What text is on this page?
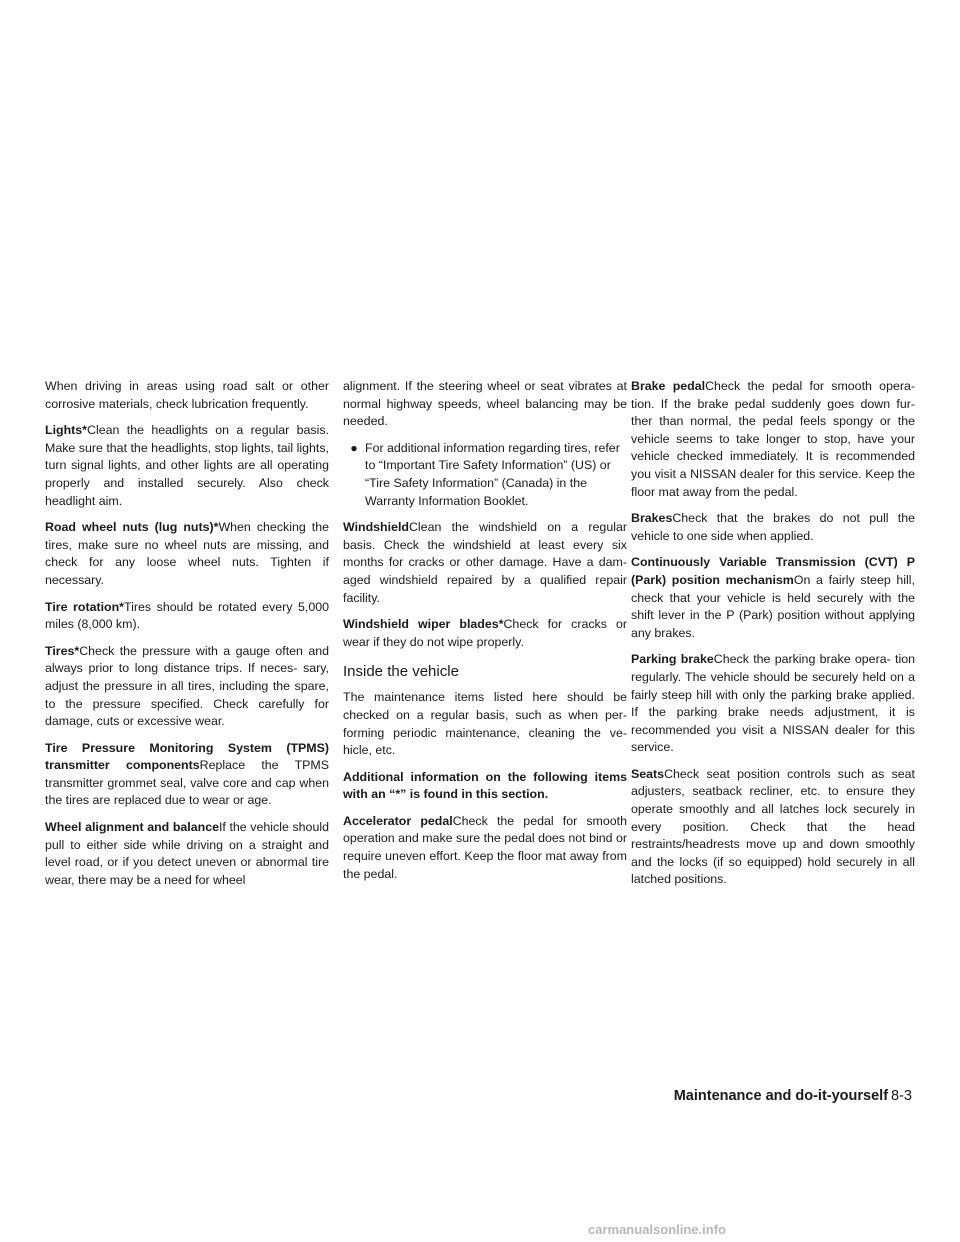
When driving in areas using road salt or other corrosive materials, check lubrication frequently.

Lights*Clean the headlights on a regular basis. Make sure that the headlights, stop lights, tail lights, turn signal lights, and other lights are all operating properly and installed securely. Also check headlight aim.

Road wheel nuts (lug nuts)*When checking the tires, make sure no wheel nuts are missing, and check for any loose wheel nuts. Tighten if necessary.

Tire rotation*Tires should be rotated every 5,000 miles (8,000 km).

Tires*Check the pressure with a gauge often and always prior to long distance trips. If neces- sary, adjust the pressure in all tires, including the spare, to the pressure specified. Check carefully for damage, cuts or excessive wear.

Tire Pressure Monitoring System (TPMS) transmitter componentsReplace the TPMS transmitter grommet seal, valve core and cap when the tires are replaced due to wear or age.

Wheel alignment and balanceIf the vehicle should pull to either side while driving on a straight and level road, or if you detect uneven or abnormal tire wear, there may be a need for wheel

alignment. If the steering wheel or seat vibrates at normal highway speeds, wheel balancing may be needed.

● For additional information regarding tires, refer to “Important Tire Safety Information” (US) or “Tire Safety Information” (Canada) in the Warranty Information Booklet.

WindshieldClean the windshield on a regular basis. Check the windshield at least every six months for cracks or other damage. Have a dam- aged windshield repaired by a qualified repair facility.

Windshield wiper blades*Check for cracks or wear if they do not wipe properly.

Inside the vehicle

The maintenance items listed here should be checked on a regular basis, such as when per- forming periodic maintenance, cleaning the ve- hicle, etc.

Additional information on the following items with an “*” is found in this section.

Accelerator pedalCheck the pedal for smooth operation and make sure the pedal does not bind or require uneven effort. Keep the floor mat away from the pedal.

Brake pedalCheck the pedal for smooth opera- tion. If the brake pedal suddenly goes down fur- ther than normal, the pedal feels spongy or the vehicle seems to take longer to stop, have your vehicle checked immediately. It is recommended you visit a NISSAN dealer for this service. Keep the floor mat away from the pedal.

BrakesCheck that the brakes do not pull the vehicle to one side when applied.

Continuously Variable Transmission (CVT) P (Park) position mechanismOn a fairly steep hill, check that your vehicle is held securely with the shift lever in the P (Park) position without applying any brakes.

Parking brakeCheck the parking brake opera- tion regularly. The vehicle should be securely held on a fairly steep hill with only the parking brake applied. If the parking brake needs adjustment, it is recommended you visit a NISSAN dealer for this service.

SeatsCheck seat position controls such as seat adjusters, seatback recliner, etc. to ensure they operate smoothly and all latches lock securely in every position. Check that the head restraints/headrests move up and down smoothly and the locks (if so equipped) hold securely in all latched positions.

Maintenance and do-it-yourself 8-3
carmanualsonline.info
